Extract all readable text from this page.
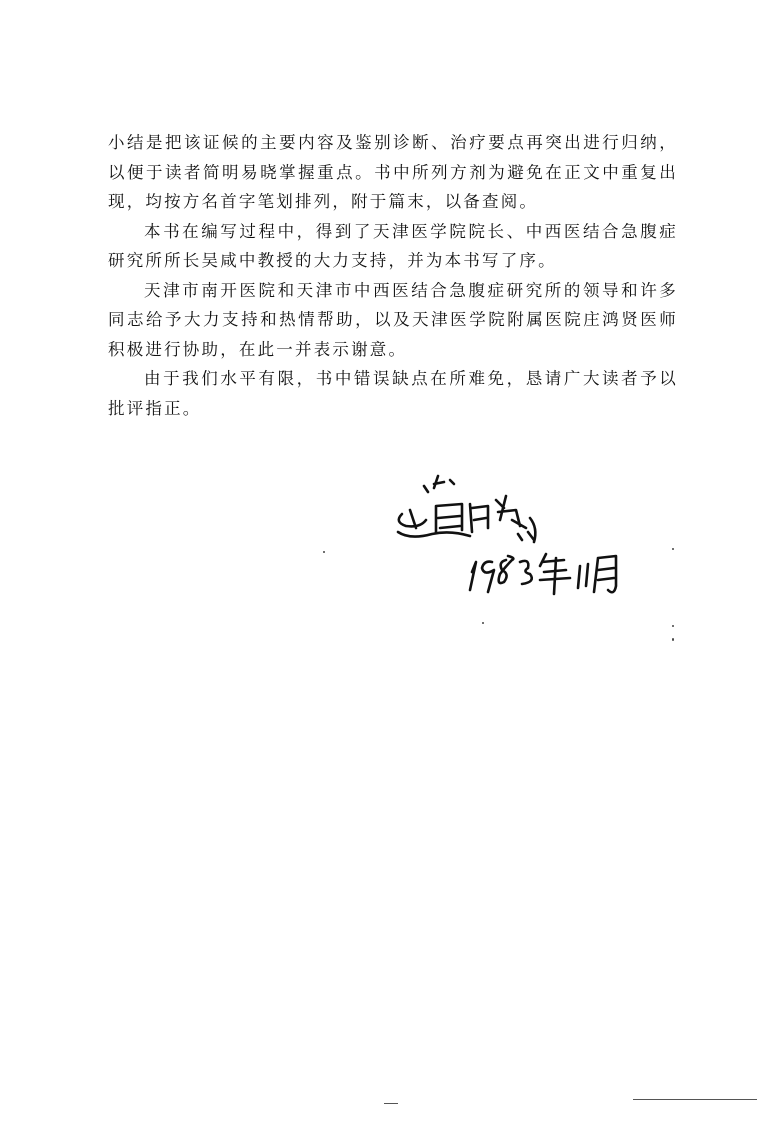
小结是把该证候的主要内容及鉴别诊断、治疗要点再突出进行归纳，以便于读者简明易晓掌握重点。书中所列方剂为避免在正文中重复出现，均按方名首字笔划排列，附于篇末，以备查阅。

本书在编写过程中，得到了天津医学院院长、中西医结合急腹症研究所所长吴咸中教授的大力支持，并为本书写了序。

天津市南开医院和天津市中西医结合急腹症研究所的领导和许多同志给予大力支持和热情帮助，以及天津医学院附属医院庄鸿贤医师积极进行协助，在此一并表示谢意。

由于我们水平有限，书中错误缺点在所难免，恳请广大读者予以批评指正。
